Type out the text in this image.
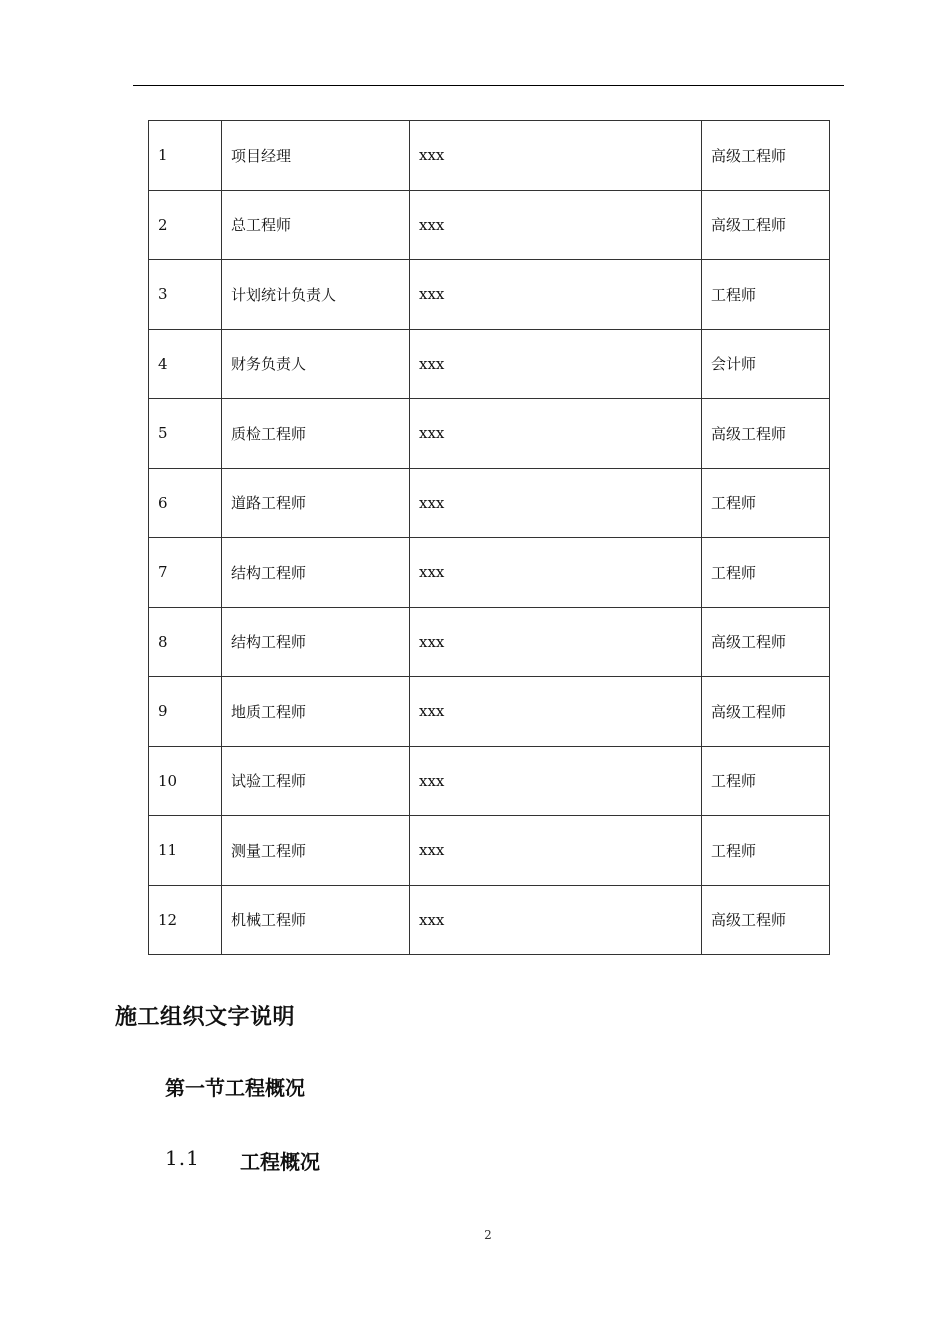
1	项目经理	xxx	高级工程师
2	总工程师	xxx	高级工程师
3	计划统计负责人	xxx	工程师
4	财务负责人	xxx	会计师
5	质检工程师	xxx	高级工程师
6	道路工程师	xxx	工程师
7	结构工程师	xxx	工程师
8	结构工程师	xxx	高级工程师
9	地质工程师	xxx	高级工程师
10	试验工程师	xxx	工程师
11	测量工程师	xxx	工程师
12	机械工程师	xxx	高级工程师
施工组织文字说明
第一节工程概况
1.1	工程概况
2
